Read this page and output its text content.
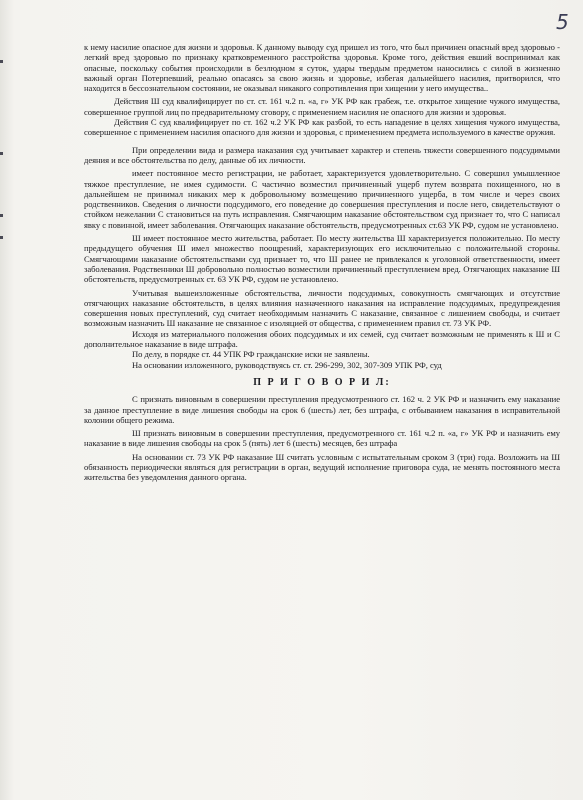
5

к нему насилие опасное для жизни и здоровья. К данному выводу суд пришел из того, что был причинен опасный вред здоровью - легкий вред здоровью по признаку кратковременного расстройства здоровья. Кроме того, действия евший воспринимал как опасные, поскольку события происходили в безлюдном я суток, удары твердым предметом наносились с силой в жизненно важный орган Потерпевший, реально опасаясь за свою жизнь и здоровье, избегая дальнейшего насилия, притворился, что находится в бессознательном состоянии, не оказывал никакого сопротивления при хищении у него имущества..

Действия Ш суд квалифицирует по ст. ст. 161 ч.2 п. «а, г» УК РФ как грабеж, т.е. открытое хищение чужого имущества, совершенное группой лиц по предварительному сговору, с применением насилия не опасного для жизни и здоровья.

Действия С суд квалифицирует по ст. 162 ч.2 УК РФ как разбой, то есть нападение в целях хищения чужого имущества, совершенное с применением насилия опасного для жизни и здоровья, с применением предмета используемого в качестве оружия.

При определении вида и размера наказания суд учитывает характер и степень тяжести совершенного подсудимыми деяния и все обстоятельства по делу, данные об их личности.

имеет постоянное место регистрации, не работает, характеризуется удовлетворительно. С совершил умышленное тяжкое преступление, не имея судимости. С частично возместил причиненный ущерб путем возврата похищенного, но в дальнейшем не принимал никаких мер к добровольному возмещению причиненного ущерба, в том числе и через своих родственников. Сведения о личности подсудимого, его поведение до совершения преступления и после него, свидетельствуют о стойком нежелании С становиться на путь исправления. Смягчающим наказание обстоятельством суд признает то, что С написал явку с повинной, имеет заболевания. Отягчающих наказание обстоятельств, предусмотренных ст.63 УК РФ, судом не установлено.

Ш имеет постоянное место жительства, работает. По месту жительства Ш характеризуется положительно. По месту предыдущего обучения Ш имел множество поощрений, характеризующих его исключительно с положительной стороны. Смягчающими наказание обстоятельствами суд признает то, что Ш ранее не привлекался к уголовной ответственности, имеет заболевания. Родственники Ш добровольно полностью возместили причиненный преступлением вред. Отягчающих наказание Ш обстоятельств, предусмотренных ст. 63 УК РФ, судом не установлено.

Учитывая вышеизложенные обстоятельства, личности подсудимых, совокупность смягчающих и отсутствие отягчающих наказание обстоятельств, в целях влияния назначенного наказания на исправление подсудимых, предупреждения совершения новых преступлений, суд считает необходимым назначить С наказание, связанное с лишением свободы, и считает возможным назначить Ш наказание не связанное с изоляцией от общества, с применением правил ст. 73 УК РФ.

Исходя из материального положения обоих подсудимых и их семей, суд считает возможным не применять к Ш и С дополнительное наказание в виде штрафа.

По делу, в порядке ст. 44 УПК РФ гражданские иски не заявлены.

На основании изложенного, руководствуясь ст. ст. 296-299, 302, 307-309 УПК РФ, суд

П Р И Г О В О Р И Л:

С признать виновным в совершении преступления предусмотренного ст. 162 ч. 2 УК РФ и назначить ему наказание за данное преступление в виде лишения свободы на срок 6 (шесть) лет, без штрафа, с отбыванием наказания в исправительной колонии общего режима.

Ш признать виновным в совершении преступления, предусмотренного ст. 161 ч.2 п. «а, г» УК РФ и назначить ему наказание в виде лишения свободы на срок 5 (пять) лет 6 (шесть) месяцев, без штрафа

На основании ст. 73 УК РФ наказание Ш считать условным с испытательным сроком 3 (три) года. Возложить на Ш обязанность периодически являться для регистрации в орган, ведущий исполнение приговора суда, не менять постоянного места жительства без уведомления данного органа.
